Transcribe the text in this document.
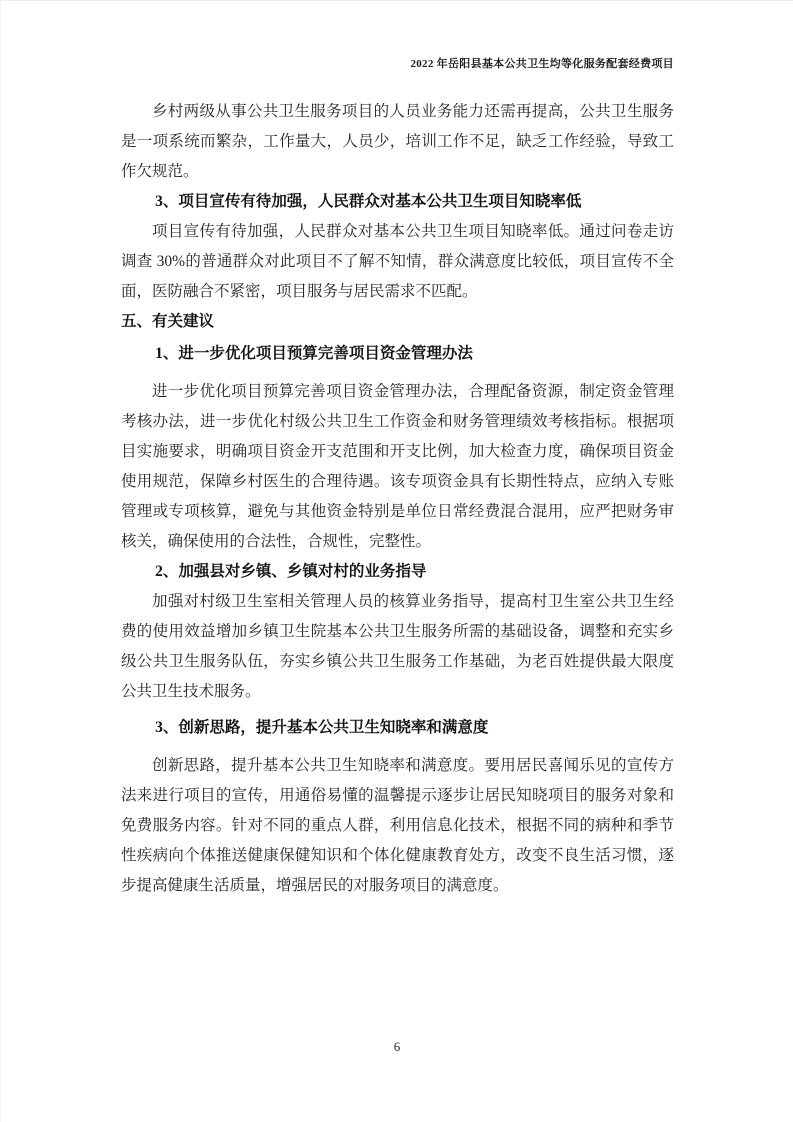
2022 年岳阳县基本公共卫生均等化服务配套经费项目

乡村两级从事公共卫生服务项目的人员业务能力还需再提高，公共卫生服务是一项系统而繁杂，工作量大，人员少，培训工作不足，缺乏工作经验，导致工作欠规范。

3、项目宣传有待加强，人民群众对基本公共卫生项目知晓率低

项目宣传有待加强，人民群众对基本公共卫生项目知晓率低。通过问卷走访调查 30%的普通群众对此项目不了解不知情，群众满意度比较低，项目宣传不全面，医防融合不紧密，项目服务与居民需求不匹配。

五、有关建议

1、进一步优化项目预算完善项目资金管理办法

进一步优化项目预算完善项目资金管理办法，合理配备资源，制定资金管理考核办法，进一步优化村级公共卫生工作资金和财务管理绩效考核指标。根据项目实施要求，明确项目资金开支范围和开支比例，加大检查力度，确保项目资金使用规范，保障乡村医生的合理待遇。该专项资金具有长期性特点，应纳入专账管理或专项核算，避免与其他资金特别是单位日常经费混合混用，应严把财务审核关，确保使用的合法性，合规性，完整性。

2、加强县对乡镇、乡镇对村的业务指导

加强对村级卫生室相关管理人员的核算业务指导，提高村卫生室公共卫生经费的使用效益增加乡镇卫生院基本公共卫生服务所需的基础设备，调整和充实乡级公共卫生服务队伍，夯实乡镇公共卫生服务工作基础，为老百姓提供最大限度公共卫生技术服务。

3、创新思路，提升基本公共卫生知晓率和满意度

创新思路，提升基本公共卫生知晓率和满意度。要用居民喜闻乐见的宣传方法来进行项目的宣传，用通俗易懂的温馨提示逐步让居民知晓项目的服务对象和免费服务内容。针对不同的重点人群，利用信息化技术，根据不同的病种和季节性疾病向个体推送健康保健知识和个体化健康教育处方，改变不良生活习惯，逐步提高健康生活质量，增强居民的对服务项目的满意度。

6
